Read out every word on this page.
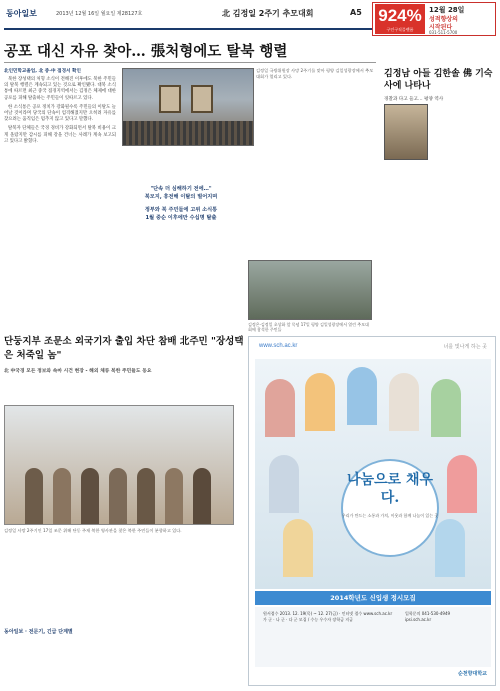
동아일보	2013년 12월 16일 월요일 제28127호	北 김정일 2주기 추모대회	A5 924%
구인구직플랫폼
12월 28일
성적향상의
시작된다
031-511-5700
공포 대신 자유 찾아… 張처형에도 탈북 행렬
北인민학교졸업, 北 중·中 접경서 확인

북한 장성택의 처형 소식이 전해진 이후에도 북한 주민들의 탈북 행렬은 계속되고 있는 것으로 확인됐다. 대북 소식통에 따르면 최근 중국 접경지역에서는 김정은 체제에 대한 공포를 피해 탈출하는 주민들이 잇따르고 있다.

한 소식통은 공포 정치가 강화될수록 주민들의 이탈도 늘어날 것이라며 당국의 단속이 엄격해졌지만 오히려 자유를 찾으려는 움직임은 멈추지 않고 있다고 말했다.

탈북자 단체들은 국경 경비가 강화되면서 탈북 비용이 크게 올랐지만 감시를 피해 강을 건너는 사례가 계속 보고되고 있다고 밝혔다.

김정일 국방위원장 사망 2주기를 맞아 평양 김일성광장에서 추모대회가 열리고 있다.
"단속 더 심해하기 전에…"
북모지, 휴전해 이탈의 벌어지며
정부와 북 주민들에 고위 소식통
1월 중순 이후에만 수십명 탈출
김정은·김정일 초상화 앞 묵념 17일 평양 김일성광장에서 열린 추모대회에 참석한 주민들
김정남 아들 김한솔 佛 기숙사에 나타나
경찰과 다고 들고… 평양 역사
단둥지부 조문소 외국기자 출입 차단 참배 北주민 "장성택은 처죽일 놈"
北 中국경 모든 정보와 속마 시건 현장 - 해외 체류 북한 주민들도 동요
김정일 사망 2주기인 17일 조문 위해 단둥 주재 북한 영사관을 찾은 북한 주민들이 분향하고 있다.
동아일보 · 전문기, 긴급 단계별
www.sch.ac.kr	너를 빛나게 하는 곳
나눔으로 채우다.
우리가 만드는 소통과 가치, 이웃과 함께 나눔이 있는 곳
2014학년도 신입생 정시모집
원서접수 2013. 12. 19(목) ~ 12. 27(금) · 인터넷 접수 www.sch.ac.kr
가 군 · 나 군 · 다 군 모집 / 수능 우수자 장학금 지급
입학문의 041-530-4949
ipsi.sch.ac.kr
순천향대학교
